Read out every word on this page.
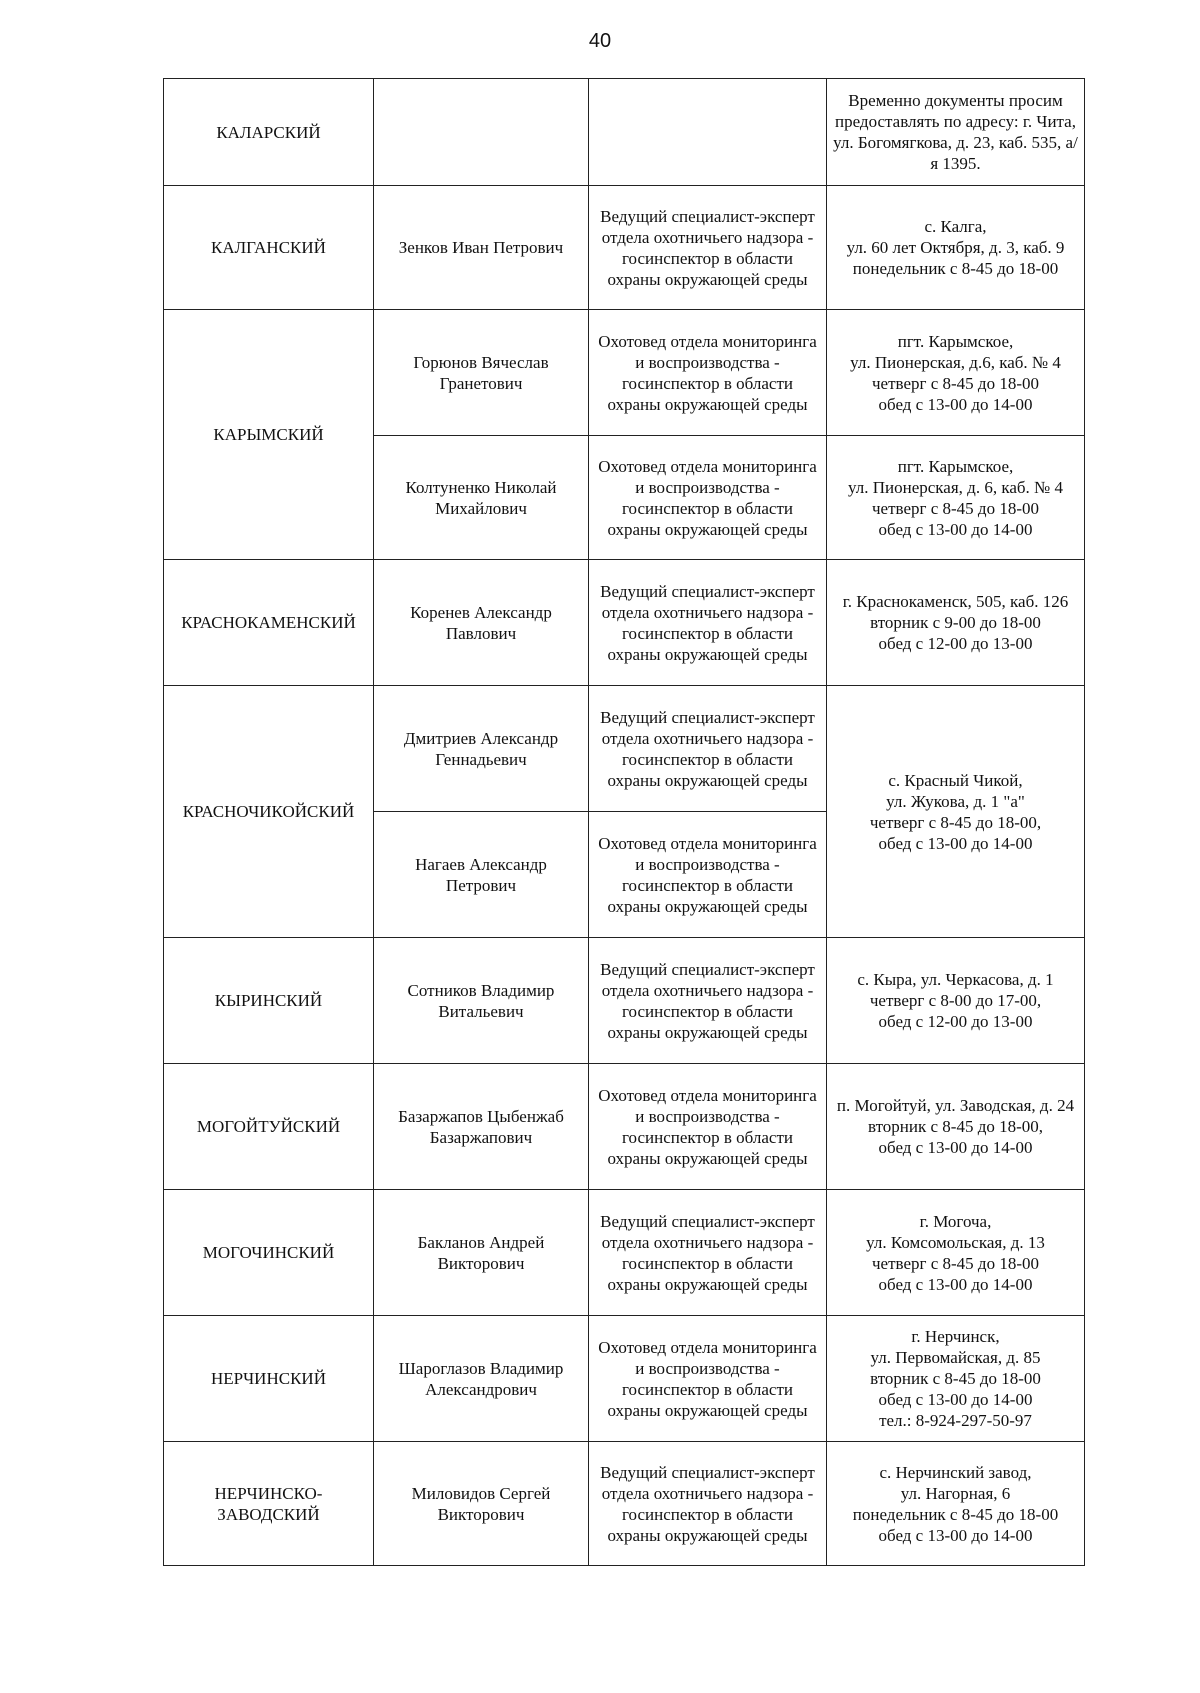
40
КАЛАРСКИЙ			Временно документы просим предоставлять по адресу: г. Чита, ул. Богомягкова, д. 23, каб. 535, а/я 1395.
КАЛГАНСКИЙ	Зенков Иван Петрович	Ведущий специалист-эксперт отдела охотничьего надзора - госинспектор в области охраны окружающей среды	с. Калга,
ул. 60 лет Октября, д. 3, каб. 9
понедельник с 8-45 до 18-00
КАРЫМСКИЙ	Горюнов Вячеслав Гранетович	Охотовед отдела мониторинга и воспроизводства - госинспектор в области охраны окружающей среды	пгт. Карымское,
ул. Пионерская, д.6, каб. № 4
четверг с 8-45 до 18-00
обед с 13-00 до 14-00
	Колтуненко Николай Михайлович	Охотовед отдела мониторинга и воспроизводства - госинспектор в области охраны окружающей среды	пгт. Карымское,
ул. Пионерская, д. 6, каб. № 4
четверг с 8-45 до 18-00
обед с 13-00 до 14-00
КРАСНОКАМЕНСКИЙ	Коренев Александр Павлович	Ведущий специалист-эксперт отдела охотничьего надзора - госинспектор в области охраны окружающей среды	г. Краснокаменск, 505, каб. 126
вторник с 9-00 до 18-00
обед с 12-00 до 13-00
КРАСНОЧИКОЙСКИЙ	Дмитриев Александр Геннадьевич	Ведущий специалист-эксперт отдела охотничьего надзора - госинспектор в области охраны окружающей среды	с. Красный Чикой,
ул. Жукова, д. 1 "а"
четверг с 8-45 до 18-00,
обед с 13-00 до 14-00
	Нагаев Александр Петрович	Охотовед отдела мониторинга и воспроизводства - госинспектор в области охраны окружающей среды	
КЫРИНСКИЙ	Сотников Владимир Витальевич	Ведущий специалист-эксперт отдела охотничьего надзора - госинспектор в области охраны окружающей среды	с. Кыра, ул. Черкасова, д. 1
четверг с 8-00 до 17-00,
обед с 12-00 до 13-00
МОГОЙТУЙСКИЙ	Базаржапов Цыбенжаб Базаржапович	Охотовед отдела мониторинга и воспроизводства - госинспектор в области охраны окружающей среды	п. Могойтуй, ул. Заводская, д. 24
вторник с 8-45 до 18-00,
обед с 13-00 до 14-00
МОГОЧИНСКИЙ	Бакланов Андрей Викторович	Ведущий специалист-эксперт отдела охотничьего надзора - госинспектор в области охраны окружающей среды	г. Могоча,
ул. Комсомольская, д. 13
четверг с 8-45 до 18-00
обед с 13-00 до 14-00
НЕРЧИНСКИЙ	Шароглазов Владимир Александрович	Охотовед отдела мониторинга и воспроизводства - госинспектор в области охраны окружающей среды	г. Нерчинск,
ул. Первомайская, д. 85
вторник с 8-45 до 18-00
обед с 13-00 до 14-00
тел.: 8-924-297-50-97
НЕРЧИНСКО-ЗАВОДСКИЙ	Миловидов Сергей Викторович	Ведущий специалист-эксперт отдела охотничьего надзора - госинспектор в области охраны окружающей среды	с. Нерчинский завод,
ул. Нагорная, 6
понедельник с 8-45 до 18-00
обед с 13-00 до 14-00
